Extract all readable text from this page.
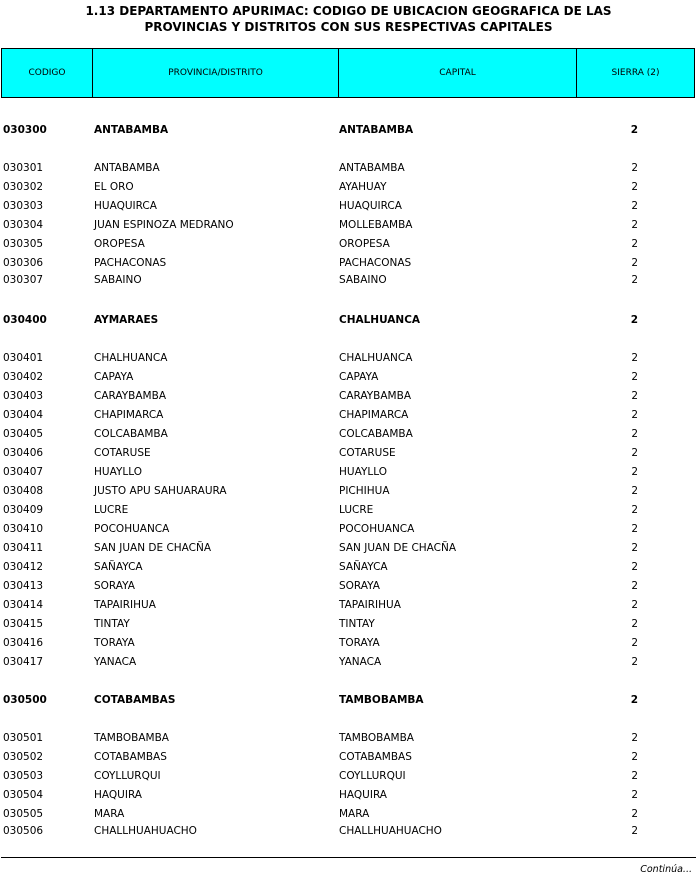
1.13 DEPARTAMENTO APURIMAC: CODIGO DE UBICACION GEOGRAFICA DE LAS
PROVINCIAS Y DISTRITOS CON SUS RESPECTIVAS CAPITALES
CODIGO	PROVINCIA/DISTRITO	CAPITAL	SIERRA (2)
030300	ANTABAMBA	ANTABAMBA	2
030301	ANTABAMBA	ANTABAMBA	2
030302	EL ORO	AYAHUAY	2
030303	HUAQUIRCA	HUAQUIRCA	2
030304	JUAN ESPINOZA MEDRANO	MOLLEBAMBA	2
030305	OROPESA	OROPESA	2
030306	PACHACONAS	PACHACONAS	2
030307	SABAINO	SABAINO	2
030400	AYMARAES	CHALHUANCA	2
030401	CHALHUANCA	CHALHUANCA	2
030402	CAPAYA	CAPAYA	2
030403	CARAYBAMBA	CARAYBAMBA	2
030404	CHAPIMARCA	CHAPIMARCA	2
030405	COLCABAMBA	COLCABAMBA	2
030406	COTARUSE	COTARUSE	2
030407	HUAYLLO	HUAYLLO	2
030408	JUSTO APU SAHUARAURA	PICHIHUA	2
030409	LUCRE	LUCRE	2
030410	POCOHUANCA	POCOHUANCA	2
030411	SAN JUAN DE CHACÑA	SAN JUAN DE CHACÑA	2
030412	SAÑAYCA	SAÑAYCA	2
030413	SORAYA	SORAYA	2
030414	TAPAIRIHUA	TAPAIRIHUA	2
030415	TINTAY	TINTAY	2
030416	TORAYA	TORAYA	2
030417	YANACA	YANACA	2
030500	COTABAMBAS	TAMBOBAMBA	2
030501	TAMBOBAMBA	TAMBOBAMBA	2
030502	COTABAMBAS	COTABAMBAS	2
030503	COYLLURQUI	COYLLURQUI	2
030504	HAQUIRA	HAQUIRA	2
030505	MARA	MARA	2
030506	CHALLHUAHUACHO	CHALLHUAHUACHO	2
Continúa...
